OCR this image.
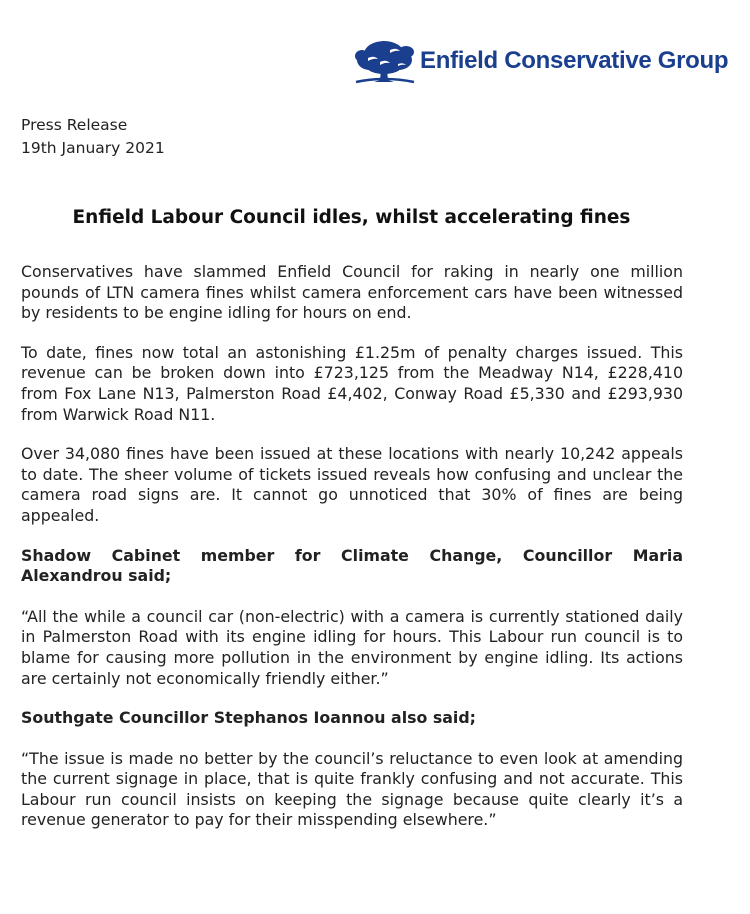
Enfield Conservative Group
Press Release
19th January 2021
Enfield Labour Council idles, whilst accelerating fines

Conservatives have slammed Enfield Council for raking in nearly one million pounds of LTN camera fines whilst camera enforcement cars have been witnessed by residents to be engine idling for hours on end.

To date, fines now total an astonishing £1.25m of penalty charges issued. This revenue can be broken down into £723,125 from the Meadway N14, £228,410 from Fox Lane N13, Palmerston Road £4,402, Conway Road £5,330 and £293,930 from Warwick Road N11.

Over 34,080 fines have been issued at these locations with nearly 10,242 appeals to date. The sheer volume of tickets issued reveals how confusing and unclear the camera road signs are. It cannot go unnoticed that 30% of fines are being appealed.

Shadow Cabinet member for Climate Change, Councillor Maria Alexandrou said;

“All the while a council car (non-electric) with a camera is currently stationed daily in Palmerston Road with its engine idling for hours. This Labour run council is to blame for causing more pollution in the environment by engine idling. Its actions are certainly not economically friendly either.”

Southgate Councillor Stephanos Ioannou also said;

“The issue is made no better by the council’s reluctance to even look at amending the current signage in place, that is quite frankly confusing and not accurate. This Labour run council insists on keeping the signage because quite clearly it’s a revenue generator to pay for their misspending elsewhere.”
